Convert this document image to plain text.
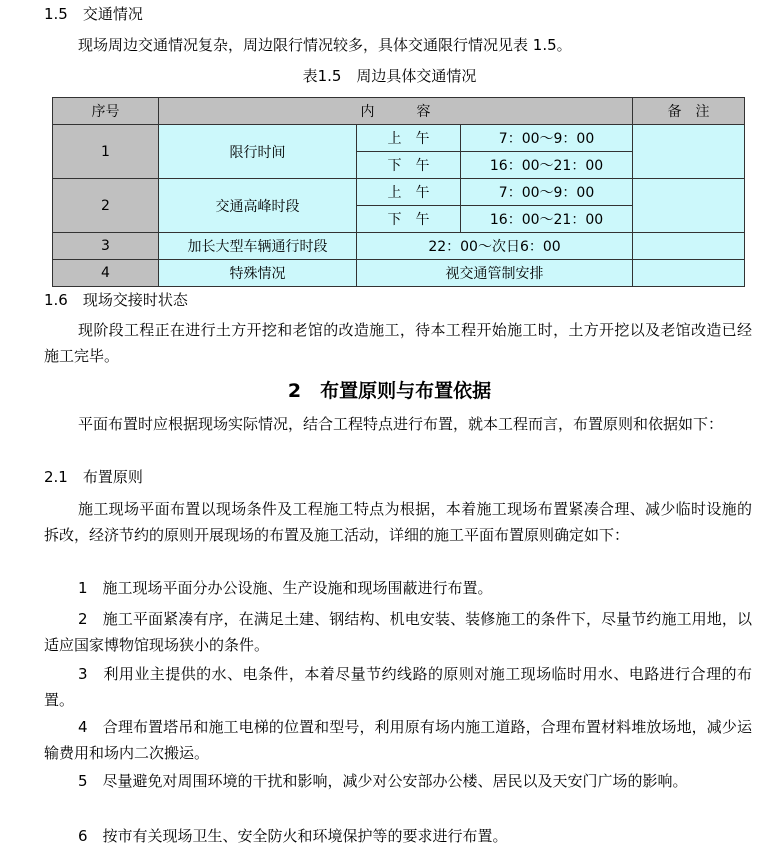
1.5　交通情况
现场周边交通情况复杂，周边限行情况较多，具体交通限行情况见表 1.5。
表1.5　周边具体交通情况
序号	内　　　容			备　注
1	限行时间	上　午	7：00～9：00	
		下　午	16：00～21：00	
2	交通高峰时段	上　午	7：00～9：00	
		下　午	16：00～21：00	
3	加长大型车辆通行时段	22：00～次日6：00		
4	特殊情况	视交通管制安排		
1.6　现场交接时状态
现阶段工程正在进行土方开挖和老馆的改造施工，待本工程开始施工时，土方开挖以及老馆改造已经施工完毕。
2　布置原则与布置依据
平面布置时应根据现场实际情况，结合工程特点进行布置，就本工程而言，布置原则和依据如下：
2.1　布置原则
施工现场平面布置以现场条件及工程施工特点为根据，本着施工现场布置紧凑合理、减少临时设施的拆改，经济节约的原则开展现场的布置及施工活动，详细的施工平面布置原则确定如下：
1　施工现场平面分办公设施、生产设施和现场围蔽进行布置。
2　施工平面紧凑有序，在满足土建、钢结构、机电安装、装修施工的条件下，尽量节约施工用地，以适应国家博物馆现场狭小的条件。
3　利用业主提供的水、电条件，本着尽量节约线路的原则对施工现场临时用水、电路进行合理的布置。
4　合理布置塔吊和施工电梯的位置和型号，利用原有场内施工道路，合理布置材料堆放场地，减少运输费用和场内二次搬运。
5　尽量避免对周围环境的干扰和影响，减少对公安部办公楼、居民以及天安门广场的影响。
6　按市有关现场卫生、安全防火和环境保护等的要求进行布置。
